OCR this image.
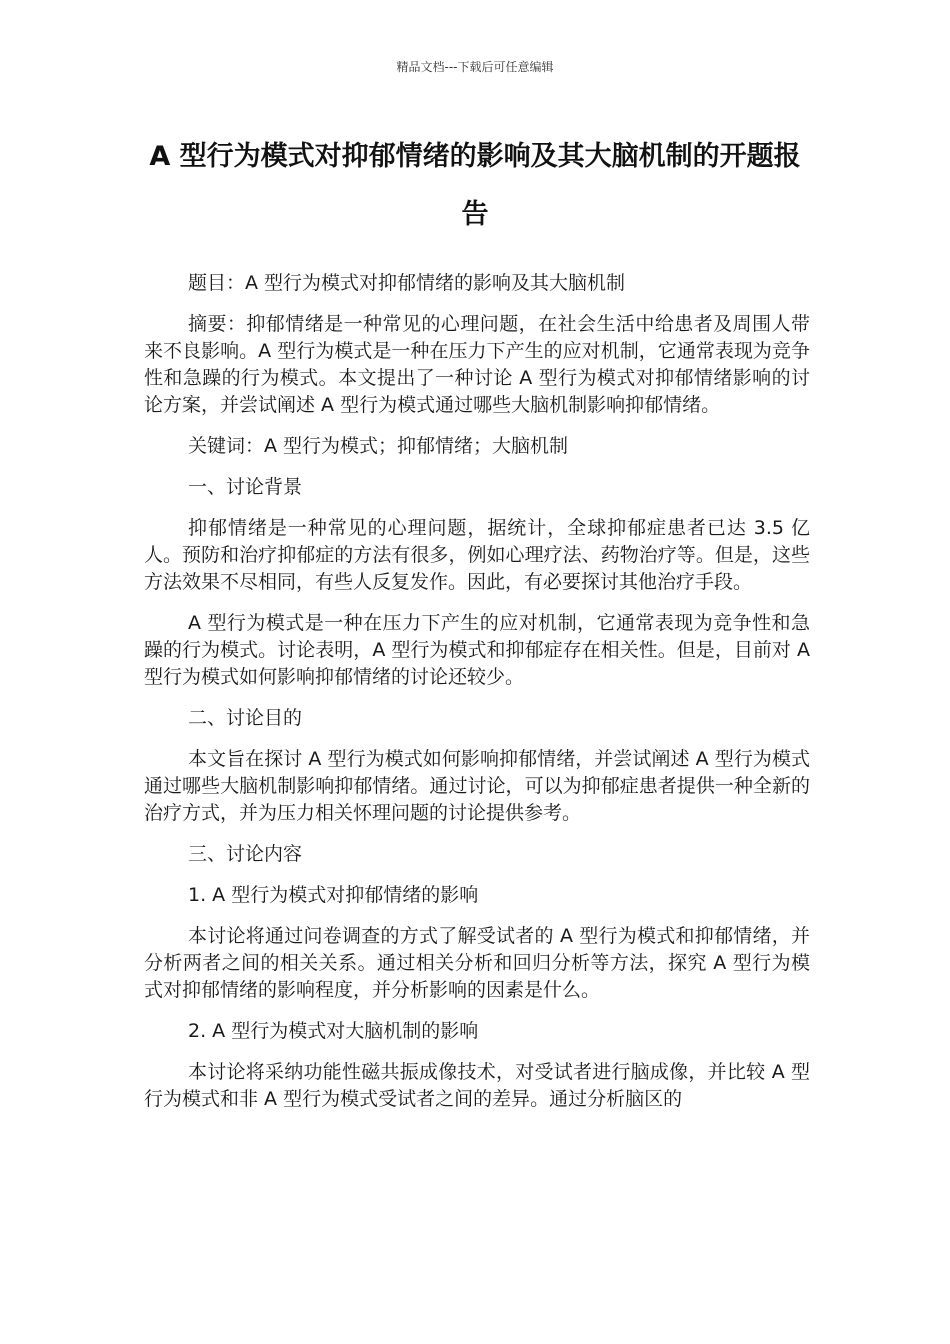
精品文档---下载后可任意编辑
A 型行为模式对抑郁情绪的影响及其大脑机制的开题报告

题目：A 型行为模式对抑郁情绪的影响及其大脑机制

摘要：抑郁情绪是一种常见的心理问题，在社会生活中给患者及周围人带来不良影响。A 型行为模式是一种在压力下产生的应对机制，它通常表现为竞争性和急躁的行为模式。本文提出了一种讨论 A 型行为模式对抑郁情绪影响的讨论方案，并尝试阐述 A 型行为模式通过哪些大脑机制影响抑郁情绪。

关键词：A 型行为模式；抑郁情绪；大脑机制

一、讨论背景

抑郁情绪是一种常见的心理问题，据统计，全球抑郁症患者已达 3.5 亿人。预防和治疗抑郁症的方法有很多，例如心理疗法、药物治疗等。但是，这些方法效果不尽相同，有些人反复发作。因此，有必要探讨其他治疗手段。

A 型行为模式是一种在压力下产生的应对机制，它通常表现为竞争性和急躁的行为模式。讨论表明，A 型行为模式和抑郁症存在相关性。但是，目前对 A 型行为模式如何影响抑郁情绪的讨论还较少。

二、讨论目的

本文旨在探讨 A 型行为模式如何影响抑郁情绪，并尝试阐述 A 型行为模式通过哪些大脑机制影响抑郁情绪。通过讨论，可以为抑郁症患者提供一种全新的治疗方式，并为压力相关怀理问题的讨论提供参考。

三、讨论内容

1. A 型行为模式对抑郁情绪的影响

本讨论将通过问卷调查的方式了解受试者的 A 型行为模式和抑郁情绪，并分析两者之间的相关关系。通过相关分析和回归分析等方法，探究 A 型行为模式对抑郁情绪的影响程度，并分析影响的因素是什么。

2. A 型行为模式对大脑机制的影响

本讨论将采纳功能性磁共振成像技术，对受试者进行脑成像，并比较 A 型行为模式和非 A 型行为模式受试者之间的差异。通过分析脑区的
